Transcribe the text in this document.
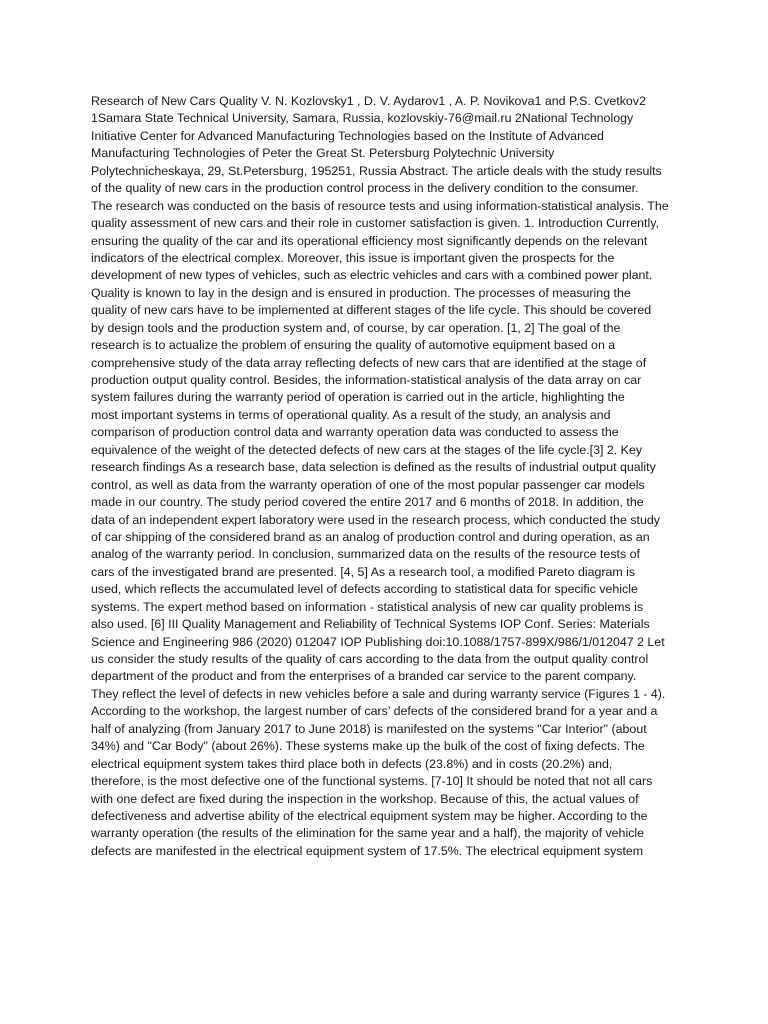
Research of New Cars Quality V. N. Kozlovsky1 , D. V. Aydarov1 , A. P. Novikova1 and P.S. Cvetkov2
1Samara State Technical University, Samara, Russia, kozlovskiy-76@mail.ru 2National Technology
Initiative Center for Advanced Manufacturing Technologies based on the Institute of Advanced
Manufacturing Technologies of Peter the Great St. Petersburg Polytechnic University
Polytechnicheskaya, 29, St.Petersburg, 195251, Russia Abstract. The article deals with the study results
of the quality of new cars in the production control process in the delivery condition to the consumer.
The research was conducted on the basis of resource tests and using information-statistical analysis. The
quality assessment of new cars and their role in customer satisfaction is given. 1. Introduction Currently,
ensuring the quality of the car and its operational efficiency most significantly depends on the relevant
indicators of the electrical complex. Moreover, this issue is important given the prospects for the
development of new types of vehicles, such as electric vehicles and cars with a combined power plant.
Quality is known to lay in the design and is ensured in production. The processes of measuring the
quality of new cars have to be implemented at different stages of the life cycle. This should be covered
by design tools and the production system and, of course, by car operation. [1, 2] The goal of the
research is to actualize the problem of ensuring the quality of automotive equipment based on a
comprehensive study of the data array reflecting defects of new cars that are identified at the stage of
production output quality control. Besides, the information-statistical analysis of the data array on car
system failures during the warranty period of operation is carried out in the article, highlighting the
most important systems in terms of operational quality. As a result of the study, an analysis and
comparison of production control data and warranty operation data was conducted to assess the
equivalence of the weight of the detected defects of new cars at the stages of the life cycle.[3] 2. Key
research findings As a research base, data selection is defined as the results of industrial output quality
control, as well as data from the warranty operation of one of the most popular passenger car models
made in our country. The study period covered the entire 2017 and 6 months of 2018. In addition, the
data of an independent expert laboratory were used in the research process, which conducted the study
of car shipping of the considered brand as an analog of production control and during operation, as an
analog of the warranty period. In conclusion, summarized data on the results of the resource tests of
cars of the investigated brand are presented. [4, 5] As a research tool, a modified Pareto diagram is
used, which reflects the accumulated level of defects according to statistical data for specific vehicle
systems. The expert method based on information - statistical analysis of new car quality problems is
also used. [6] III Quality Management and Reliability of Technical Systems IOP Conf. Series: Materials
Science and Engineering 986 (2020) 012047 IOP Publishing doi:10.1088/1757-899X/986/1/012047 2 Let
us consider the study results of the quality of cars according to the data from the output quality control
department of the product and from the enterprises of a branded car service to the parent company.
They reflect the level of defects in new vehicles before a sale and during warranty service (Figures 1 - 4).
According to the workshop, the largest number of cars’ defects of the considered brand for a year and a
half of analyzing (from January 2017 to June 2018) is manifested on the systems "Car Interior" (about
34%) and "Car Body" (about 26%). These systems make up the bulk of the cost of fixing defects. The
electrical equipment system takes third place both in defects (23.8%) and in costs (20.2%) and,
therefore, is the most defective one of the functional systems. [7-10] It should be noted that not all cars
with one defect are fixed during the inspection in the workshop. Because of this, the actual values of
defectiveness and advertise ability of the electrical equipment system may be higher. According to the
warranty operation (the results of the elimination for the same year and a half), the majority of vehicle
defects are manifested in the electrical equipment system of 17.5%. The electrical equipment system
